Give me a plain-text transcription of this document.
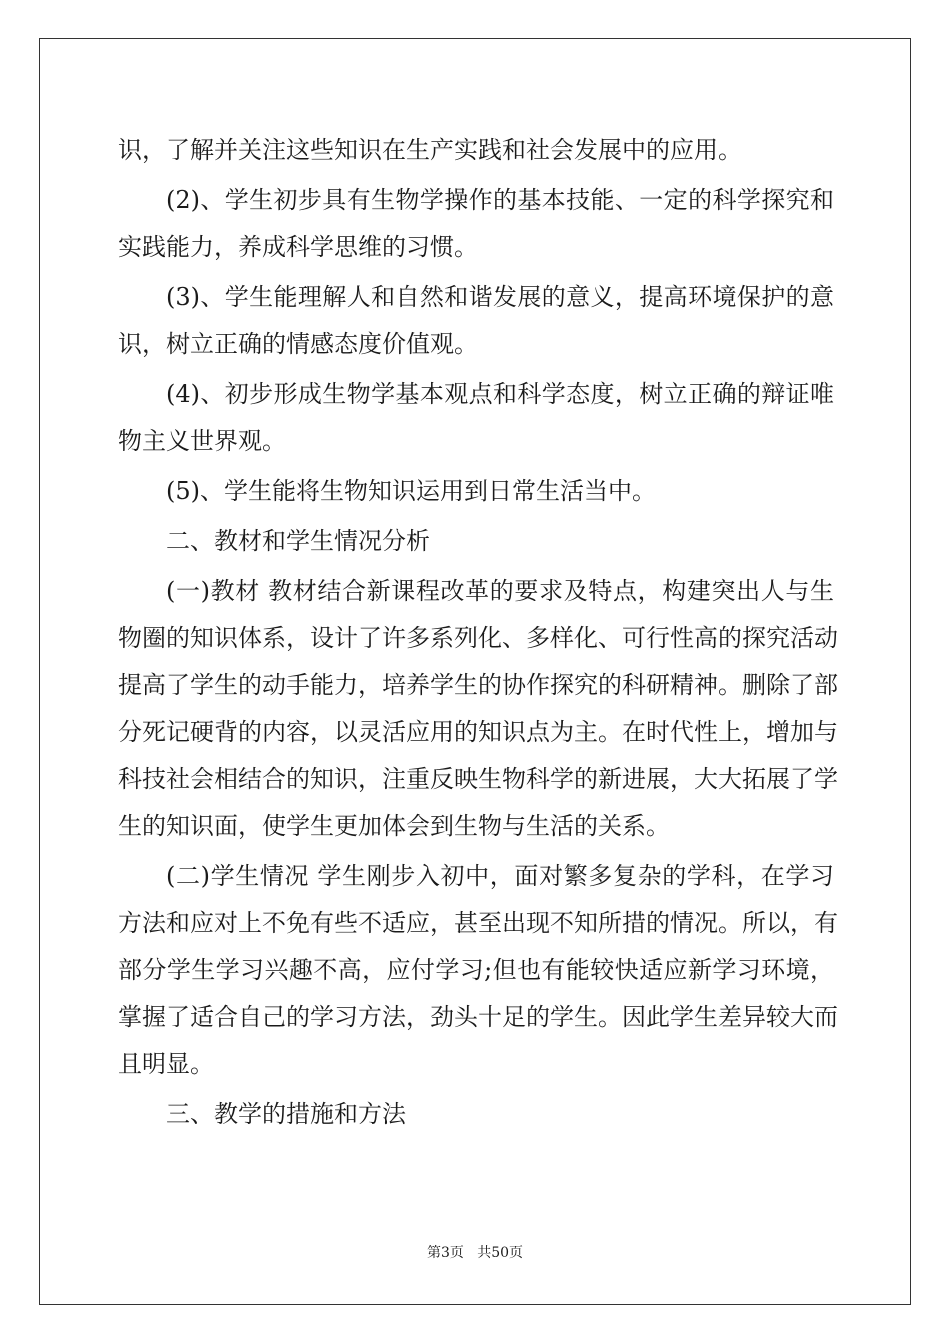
识，了解并关注这些知识在生产实践和社会发展中的应用。
(2)、学生初步具有生物学操作的基本技能、一定的科学探究和
实践能力，养成科学思维的习惯。
(3)、学生能理解人和自然和谐发展的意义，提高环境保护的意
识，树立正确的情感态度价值观。
(4)、初步形成生物学基本观点和科学态度，树立正确的辩证唯
物主义世界观。
(5)、学生能将生物知识运用到日常生活当中。
二、教材和学生情况分析
(一)教材 教材结合新课程改革的要求及特点，构建突出人与生
物圈的知识体系，设计了许多系列化、多样化、可行性高的探究活动
提高了学生的动手能力，培养学生的协作探究的科研精神。删除了部
分死记硬背的内容，以灵活应用的知识点为主。在时代性上，增加与
科技社会相结合的知识，注重反映生物科学的新进展，大大拓展了学
生的知识面，使学生更加体会到生物与生活的关系。
(二)学生情况 学生刚步入初中，面对繁多复杂的学科，在学习
方法和应对上不免有些不适应，甚至出现不知所措的情况。所以，有
部分学生学习兴趣不高，应付学习;但也有能较快适应新学习环境，
掌握了适合自己的学习方法，劲头十足的学生。因此学生差异较大而
且明显。
三、教学的措施和方法
第3页   共50页
